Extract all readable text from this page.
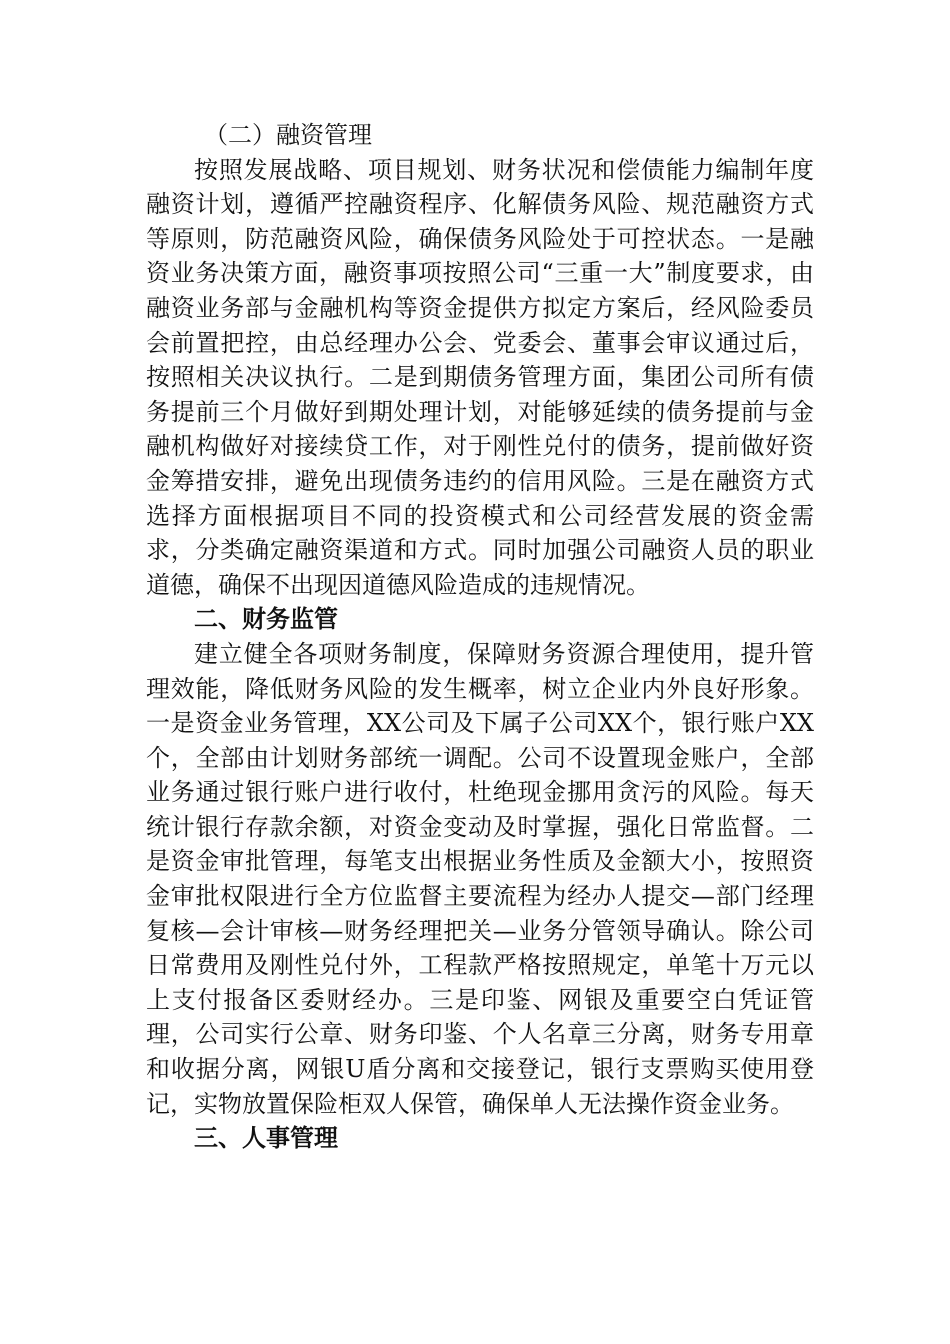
（二）融资管理

按照发展战略、项目规划、财务状况和偿债能力编制年度融资计划，遵循严控融资程序、化解债务风险、规范融资方式等原则，防范融资风险，确保债务风险处于可控状态。一是融资业务决策方面，融资事项按照公司“三重一大”制度要求，由融资业务部与金融机构等资金提供方拟定方案后，经风险委员会前置把控，由总经理办公会、党委会、董事会审议通过后，按照相关决议执行。二是到期债务管理方面，集团公司所有债务提前三个月做好到期处理计划，对能够延续的债务提前与金融机构做好对接续贷工作，对于刚性兑付的债务，提前做好资金筹措安排，避免出现债务违约的信用风险。三是在融资方式选择方面根据项目不同的投资模式和公司经营发展的资金需求，分类确定融资渠道和方式。同时加强公司融资人员的职业道德，确保不出现因道德风险造成的违规情况。

二、财务监管

建立健全各项财务制度，保障财务资源合理使用，提升管理效能，降低财务风险的发生概率，树立企业内外良好形象。一是资金业务管理，XX公司及下属子公司XX个，银行账户XX个，全部由计划财务部统一调配。公司不设置现金账户，全部业务通过银行账户进行收付，杜绝现金挪用贪污的风险。每天统计银行存款余额，对资金变动及时掌握，强化日常监督。二是资金审批管理，每笔支出根据业务性质及金额大小，按照资金审批权限进行全方位监督主要流程为经办人提交—部门经理复核—会计审核—财务经理把关—业务分管领导确认。除公司日常费用及刚性兑付外，工程款严格按照规定，单笔十万元以上支付报备区委财经办。三是印鉴、网银及重要空白凭证管理，公司实行公章、财务印鉴、个人名章三分离，财务专用章和收据分离，网银U盾分离和交接登记，银行支票购买使用登记，实物放置保险柜双人保管，确保单人无法操作资金业务。

三、人事管理
